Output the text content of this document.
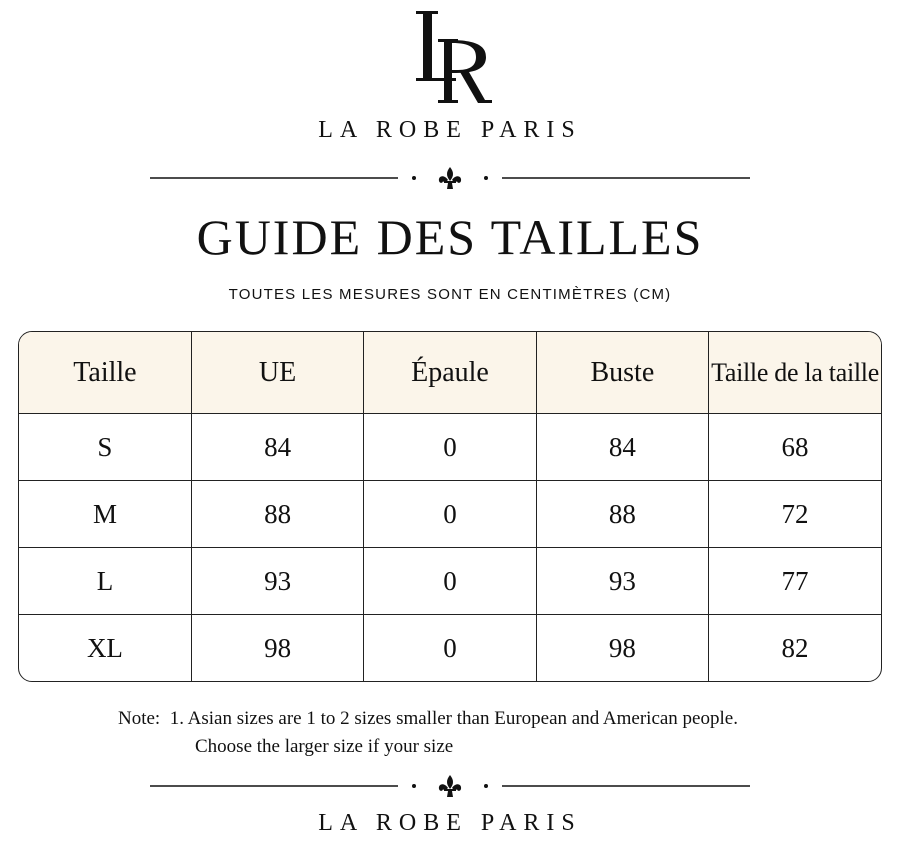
LA ROBE PARIS
GUIDE DES TAILLES
TOUTES LES MESURES SONT EN CENTIMÈTRES (CM)
Taille	UE	Épaule	Buste	Taille de la taille
S	84	0	84	68
M	88	0	88	72
L	93	0	93	77
XL	98	0	98	82
Note:  1. Asian sizes are 1 to 2 sizes smaller than European and American people.
Choose the larger size if your size
LA ROBE PARIS
